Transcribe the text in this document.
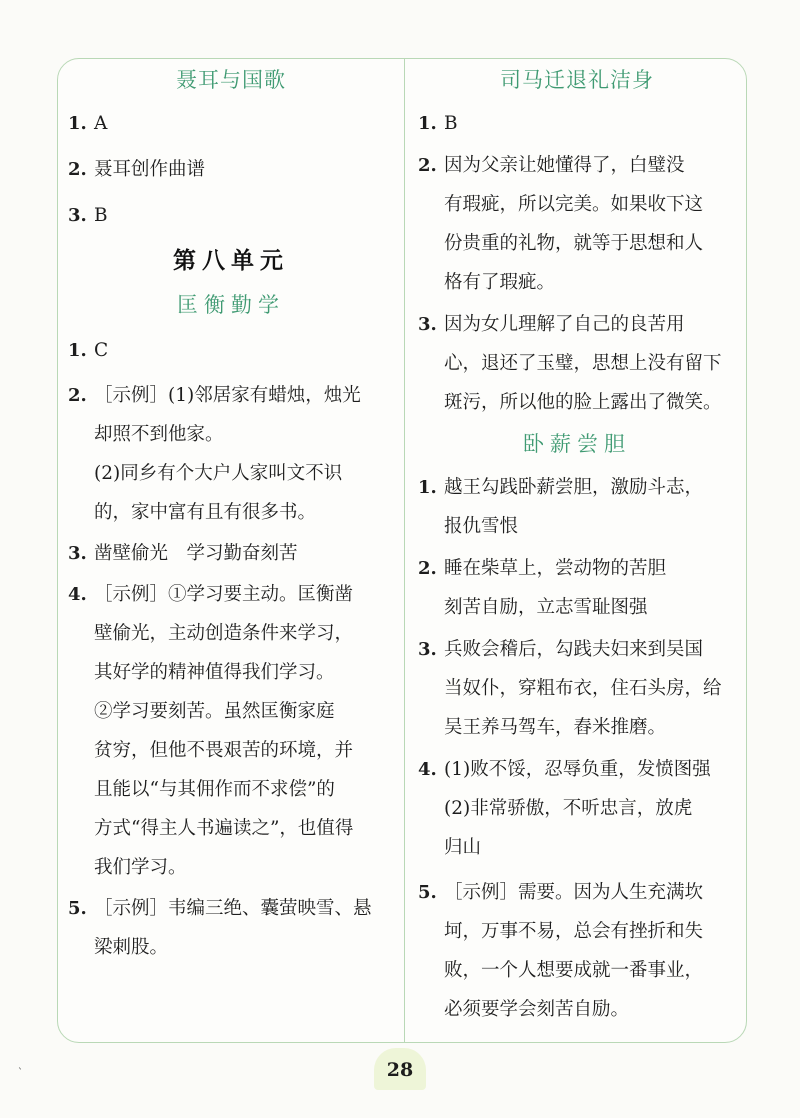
聂耳与国歌
1. A

2. 聂耳创作曲谱

3. B

第八单元
匡衡勤学
1. C

2. ［示例］(1)邻居家有蜡烛，烛光

却照不到他家。

(2)同乡有个大户人家叫文不识

的，家中富有且有很多书。

3. 凿壁偷光　学习勤奋刻苦

4. ［示例］①学习要主动。匡衡凿

壁偷光，主动创造条件来学习，

其好学的精神值得我们学习。

②学习要刻苦。虽然匡衡家庭

贫穷，但他不畏艰苦的环境，并

且能以“与其佣作而不求偿”的

方式“得主人书遍读之”，也值得

我们学习。

5. ［示例］韦编三绝、囊萤映雪、悬

梁刺股。

司马迁退礼洁身
1. B

2. 因为父亲让她懂得了，白璧没

有瑕疵，所以完美。如果收下这

份贵重的礼物，就等于思想和人

格有了瑕疵。

3. 因为女儿理解了自己的良苦用

心，退还了玉璧，思想上没有留下

斑污，所以他的脸上露出了微笑。

卧薪尝胆
1. 越王勾践卧薪尝胆，激励斗志，

报仇雪恨

2. 睡在柴草上，尝动物的苦胆

刻苦自励，立志雪耻图强

3. 兵败会稽后，勾践夫妇来到吴国

当奴仆，穿粗布衣，住石头房，给

吴王养马驾车，舂米推磨。

4. (1)败不馁，忍辱负重，发愤图强

(2)非常骄傲，不听忠言，放虎

归山

5. ［示例］需要。因为人生充满坎

坷，万事不易，总会有挫折和失

败，一个人想要成就一番事业，

必须要学会刻苦自励。

28
`
